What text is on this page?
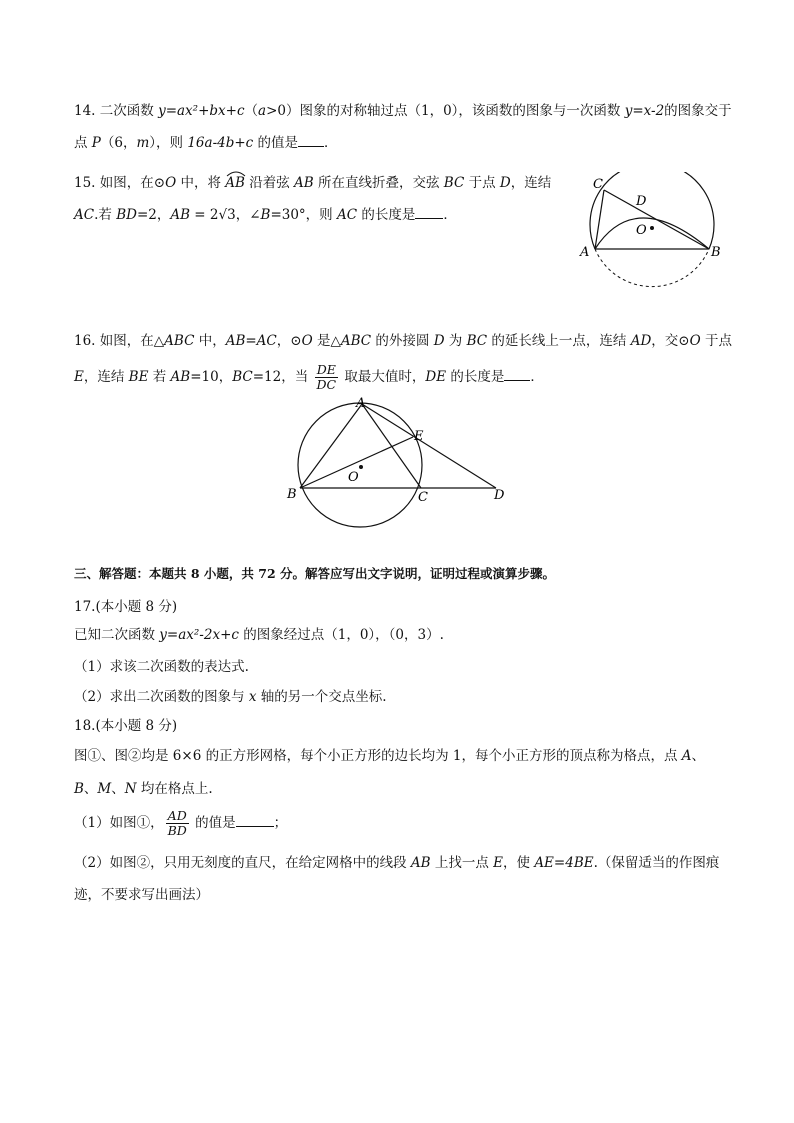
14. 二次函数 y=ax²+bx+c（a>0）图象的对称轴过点（1，0），该函数的图象与一次函数 y=x-2的图象交于
点 P（6，m），则 16a-4b+c 的值是 ．
15. 如图，在⊙O 中，将
AB 沿着弦 AB 所在直线折叠，交弦 BC 于点 D，连结
AC.若 BD=2，AB = 2√3，∠B=30°，则 AC 的长度是 ．
C
D
O
A	B
16. 如图，在△ABC 中，AB=AC，⊙O 是△ABC 的外接圆 D 为 BC 的延长线上一点，连结 AD，交⊙O 于点
E，连结 BE 若 AB=10，BC=12，当 $\frac{DE}{DC}$ 取最大值时，DE 的长度是 ．
A
E
O
B	C	D
三、解答题：本题共 8 小题，共 72 分。解答应写出文字说明，证明过程或演算步骤。
17.(本小题 8 分)
已知二次函数 y=ax²-2x+c 的图象经过点（1，0），（0，3）.
（1）求该二次函数的表达式.
（2）求出二次函数的图象与 x 轴的另一个交点坐标.
18.(本小题 8 分)
图①、图②均是 6×6 的正方形网格，每个小正方形的边长均为 1，每个小正方形的顶点称为格点，点 A、
B、M、N 均在格点上.
（1）如图①， $\frac{AD}{BD}$ 的值是	；
（2）如图②，只用无刻度的直尺，在给定网格中的线段 AB 上找一点 E，使 AE=4BE.（保留适当的作图痕
迹，不要求写出画法）
